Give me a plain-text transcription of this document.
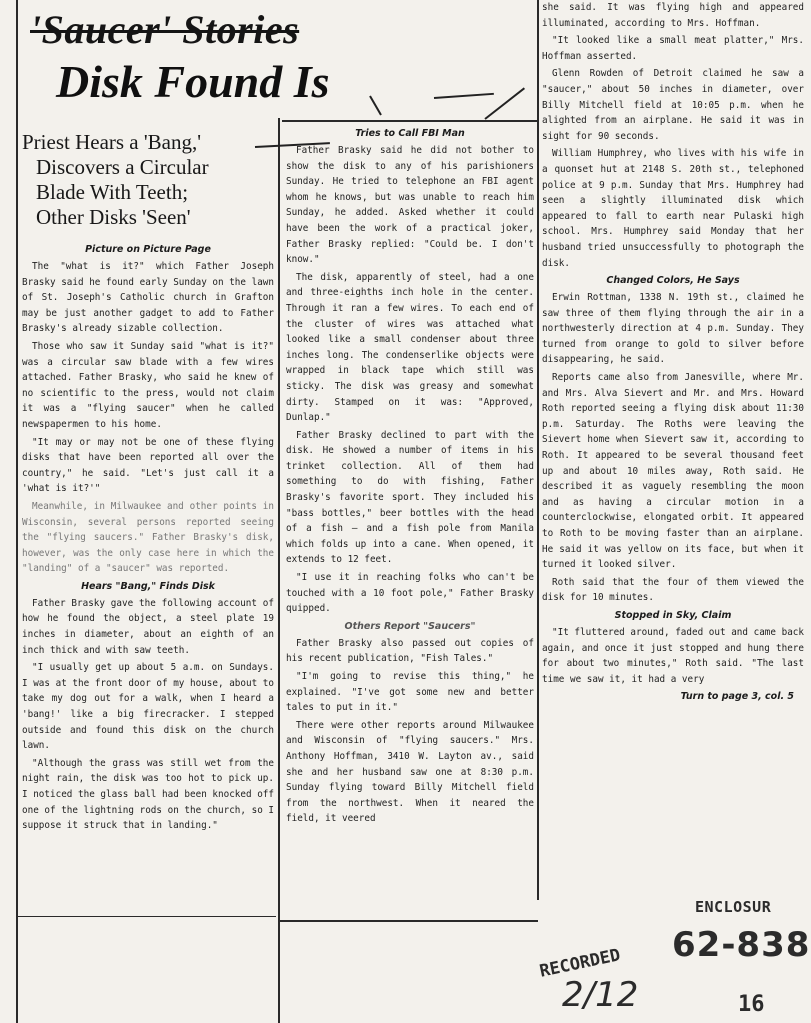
'Saucer' Stories
Disk Found Is
Priest Hears a 'Bang,'
Discovers a Circular
Blade With Teeth;
Other Disks 'Seen'
Picture on Picture Page

The "what is it?" which Father Joseph Brasky said he found early Sunday on the lawn of St. Joseph's Catholic church in Grafton may be just another gadget to add to Father Brasky's already sizable collection.

Those who saw it Sunday said "what is it?" was a circular saw blade with a few wires attached. Father Brasky, who said he knew of no scientific to the press, would not claim it was a "flying saucer" when he called newspapermen to his home.

"It may or may not be one of these flying disks that have been reported all over the country," he said. "Let's just call it a 'what is it?'"

Meanwhile, in Milwaukee and other points in Wisconsin, several persons reported seeing the "flying saucers." Father Brasky's disk, however, was the only case here in which the "landing" of a "saucer" was reported.

Hears "Bang," Finds Disk

Father Brasky gave the following account of how he found the object, a steel plate 19 inches in diameter, about an eighth of an inch thick and with saw teeth.

"I usually get up about 5 a.m. on Sundays. I was at the front door of my house, about to take my dog out for a walk, when I heard a 'bang!' like a big firecracker. I stepped outside and found this disk on the church lawn.

"Although the grass was still wet from the night rain, the disk was too hot to pick up. I noticed the glass ball had been knocked off one of the lightning rods on the church, so I suppose it struck that in landing."

Tries to Call FBI Man

Father Brasky said he did not bother to show the disk to any of his parishioners Sunday. He tried to telephone an FBI agent whom he knows, but was unable to reach him Sunday, he added. Asked whether it could have been the work of a practical joker, Father Brasky replied: "Could be. I don't know."

The disk, apparently of steel, had a one and three-eighths inch hole in the center. Through it ran a few wires. To each end of the cluster of wires was attached what looked like a small condenser about three inches long. The condenserlike objects were wrapped in black tape which still was sticky. The disk was greasy and somewhat dirty. Stamped on it was: "Approved, Dunlap."

Father Brasky declined to part with the disk. He showed a number of items in his trinket collection. All of them had something to do with fishing, Father Brasky's favorite sport. They included his "bass bottles," beer bottles with the head of a fish — and a fish pole from Manila which folds up into a cane. When opened, it extends to 12 feet.

"I use it in reaching folks who can't be touched with a 10 foot pole," Father Brasky quipped.

Others Report "Saucers"

Father Brasky also passed out copies of his recent publication, "Fish Tales."

"I'm going to revise this thing," he explained. "I've got some new and better tales to put in it."

There were other reports around Milwaukee and Wisconsin of "flying saucers." Mrs. Anthony Hoffman, 3410 W. Layton av., said she and her husband saw one at 8:30 p.m. Sunday flying toward Billy Mitchell field from the northwest. When it neared the field, it veered

she said. It was flying high and appeared illuminated, according to Mrs. Hoffman.

"It looked like a small meat platter," Mrs. Hoffman asserted.

Glenn Rowden of Detroit claimed he saw a "saucer," about 50 inches in diameter, over Billy Mitchell field at 10:05 p.m. when he alighted from an airplane. He said it was in sight for 90 seconds.

William Humphrey, who lives with his wife in a quonset hut at 2148 S. 20th st., telephoned police at 9 p.m. Sunday that Mrs. Humphrey had seen a slightly illuminated disk which appeared to fall to earth near Pulaski high school. Mrs. Humphrey said Monday that her husband tried unsuccessfully to photograph the disk.

Changed Colors, He Says

Erwin Rottman, 1338 N. 19th st., claimed he saw three of them flying through the air in a northwesterly direction at 4 p.m. Sunday. They turned from orange to gold to silver before disappearing, he said.

Reports came also from Janesville, where Mr. and Mrs. Alva Sievert and Mr. and Mrs. Howard Roth reported seeing a flying disk about 11:30 p.m. Saturday. The Roths were leaving the Sievert home when Sievert saw it, according to Roth. It appeared to be several thousand feet up and about 10 miles away, Roth said. He described it as vaguely resembling the moon and as having a circular motion in a counterclockwise, elongated orbit. It appeared to Roth to be moving faster than an airplane. He said it was yellow on its face, but when it turned it looked silver.

Roth said that the four of them viewed the disk for 10 minutes.

Stopped in Sky, Claim

"It fluttered around, faded out and came back again, and once it just stopped and hung there for about two minutes," Roth said. "The last time we saw it, it had a very

Turn to page 3, col. 5
ENCLOSUR
62-838
RECORDED
2/12	16
